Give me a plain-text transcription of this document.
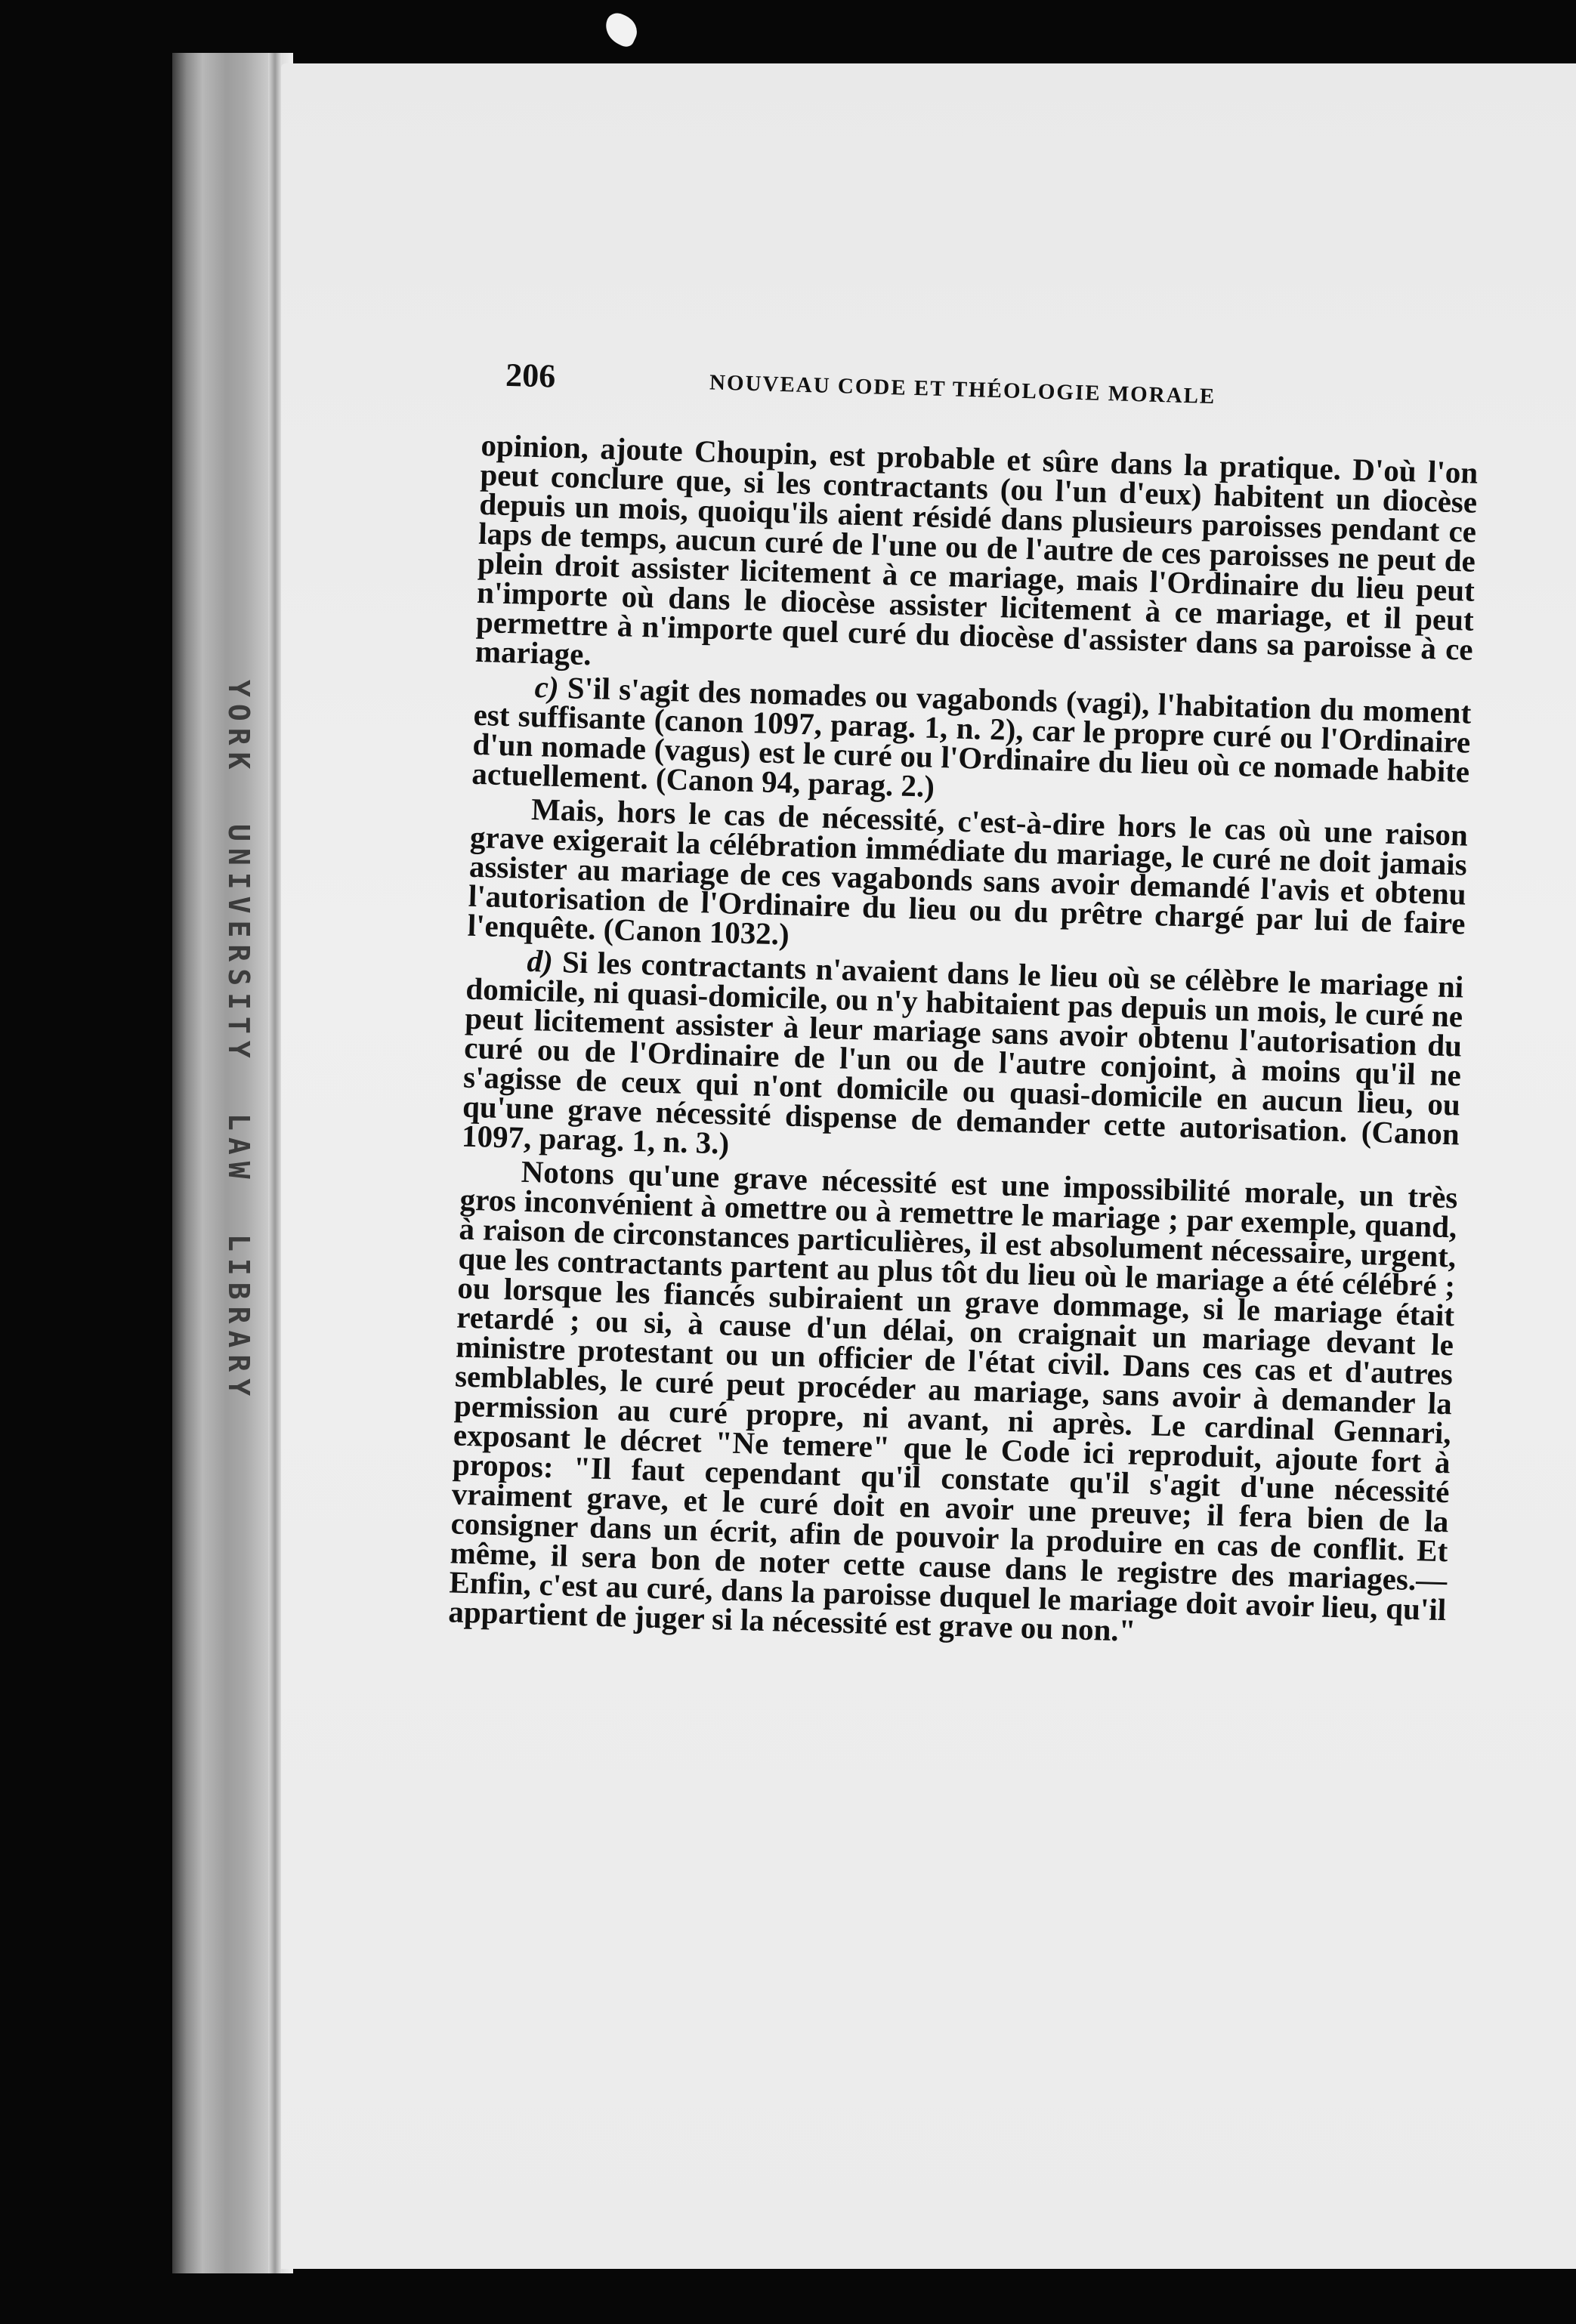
YORK UNIVERSITY LAW LIBRARY
206	NOUVEAU CODE ET THÉOLOGIE MORALE

opinion, ajoute Choupin, est probable et sûre dans la pratique. D'où l'on peut conclure que, si les contractants (ou l'un d'eux) habitent un diocèse depuis un mois, quoiqu'ils aient résidé dans plusieurs paroisses pendant ce laps de temps, aucun curé de l'une ou de l'autre de ces paroisses ne peut de plein droit assister licitement à ce mariage, mais l'Ordinaire du lieu peut n'importe où dans le diocèse assister licitement à ce mariage, et il peut permettre à n'importe quel curé du diocèse d'assister dans sa paroisse à ce mariage.

c) S'il s'agit des nomades ou vagabonds (vagi), l'habitation du moment est suffisante (canon 1097, parag. 1, n. 2), car le propre curé ou l'Ordinaire d'un nomade (vagus) est le curé ou l'Ordinaire du lieu où ce nomade habite actuellement. (Canon 94, parag. 2.)

Mais, hors le cas de nécessité, c'est-à-dire hors le cas où une raison grave exigerait la célébration immédiate du mariage, le curé ne doit jamais assister au mariage de ces vagabonds sans avoir demandé l'avis et obtenu l'autorisation de l'Ordinaire du lieu ou du prêtre chargé par lui de faire l'enquête. (Canon 1032.)

d) Si les contractants n'avaient dans le lieu où se célèbre le mariage ni domicile, ni quasi-domicile, ou n'y habitaient pas depuis un mois, le curé ne peut licitement assister à leur mariage sans avoir obtenu l'autorisation du curé ou de l'Ordinaire de l'un ou de l'autre conjoint, à moins qu'il ne s'agisse de ceux qui n'ont domicile ou quasi-domicile en aucun lieu, ou qu'une grave nécessité dispense de demander cette autorisation. (Canon 1097, parag. 1, n. 3.)

Notons qu'une grave nécessité est une impossibilité morale, un très gros inconvénient à omettre ou à remettre le mariage ; par exemple, quand, à raison de circonstances particulières, il est absolument nécessaire, urgent, que les contractants partent au plus tôt du lieu où le mariage a été célébré ; ou lorsque les fiancés subiraient un grave dommage, si le mariage était retardé ; ou si, à cause d'un délai, on craignait un mariage devant le ministre protestant ou un officier de l'état civil. Dans ces cas et d'autres semblables, le curé peut procéder au mariage, sans avoir à demander la permission au curé propre, ni avant, ni après. Le cardinal Gennari, exposant le décret "Ne temere" que le Code ici reproduit, ajoute fort à propos: "Il faut cependant qu'il constate qu'il s'agit d'une nécessité vraiment grave, et le curé doit en avoir une preuve; il fera bien de la consigner dans un écrit, afin de pouvoir la produire en cas de conflit. Et même, il sera bon de noter cette cause dans le registre des mariages.— Enfin, c'est au curé, dans la paroisse duquel le mariage doit avoir lieu, qu'il appartient de juger si la nécessité est grave ou non."
